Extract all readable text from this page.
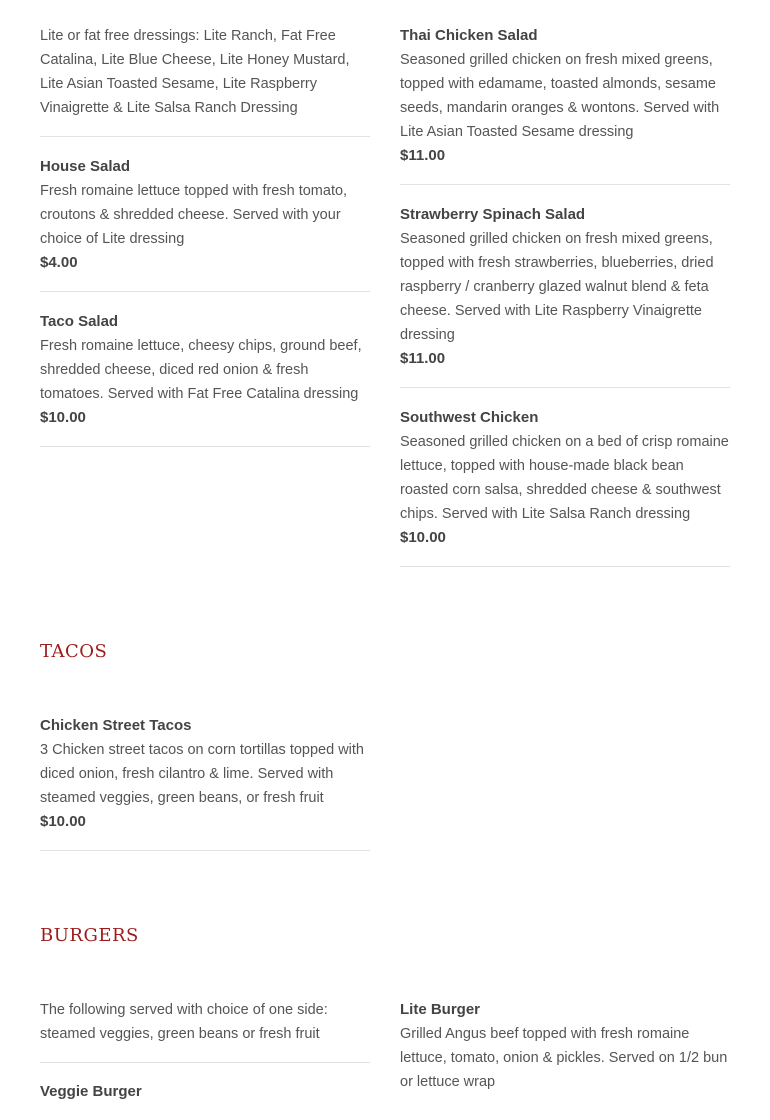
Lite or fat free dressings: Lite Ranch, Fat Free Catalina, Lite Blue Cheese, Lite Honey Mustard, Lite Asian Toasted Sesame, Lite Raspberry Vinaigrette & Lite Salsa Ranch Dressing

House Salad

Fresh romaine lettuce topped with fresh tomato, croutons & shredded cheese. Served with your choice of Lite dressing

$4.00

Taco Salad

Fresh romaine lettuce, cheesy chips, ground beef, shredded cheese, diced red onion & fresh tomatoes. Served with Fat Free Catalina dressing

$10.00

Thai Chicken Salad

Seasoned grilled chicken on fresh mixed greens, topped with edamame, toasted almonds, sesame seeds, mandarin oranges & wontons. Served with Lite Asian Toasted Sesame dressing

$11.00

Strawberry Spinach Salad

Seasoned grilled chicken on fresh mixed greens, topped with fresh strawberries, blueberries, dried raspberry / cranberry glazed walnut blend & feta cheese. Served with Lite Raspberry Vinaigrette dressing

$11.00

Southwest Chicken

Seasoned grilled chicken on a bed of crisp romaine lettuce, topped with house-made black bean roasted corn salsa, shredded cheese & southwest chips. Served with Lite Salsa Ranch dressing

$10.00

TACOS

Chicken Street Tacos

3 Chicken street tacos on corn tortillas topped with diced onion, fresh cilantro & lime. Served with steamed veggies, green beans, or fresh fruit

$10.00

BURGERS

The following served with choice of one side: steamed veggies, green beans or fresh fruit

Veggie Burger

Lite Burger

Grilled Angus beef topped with fresh romaine lettuce, tomato, onion & pickles. Served on 1/2 bun or lettuce wrap
